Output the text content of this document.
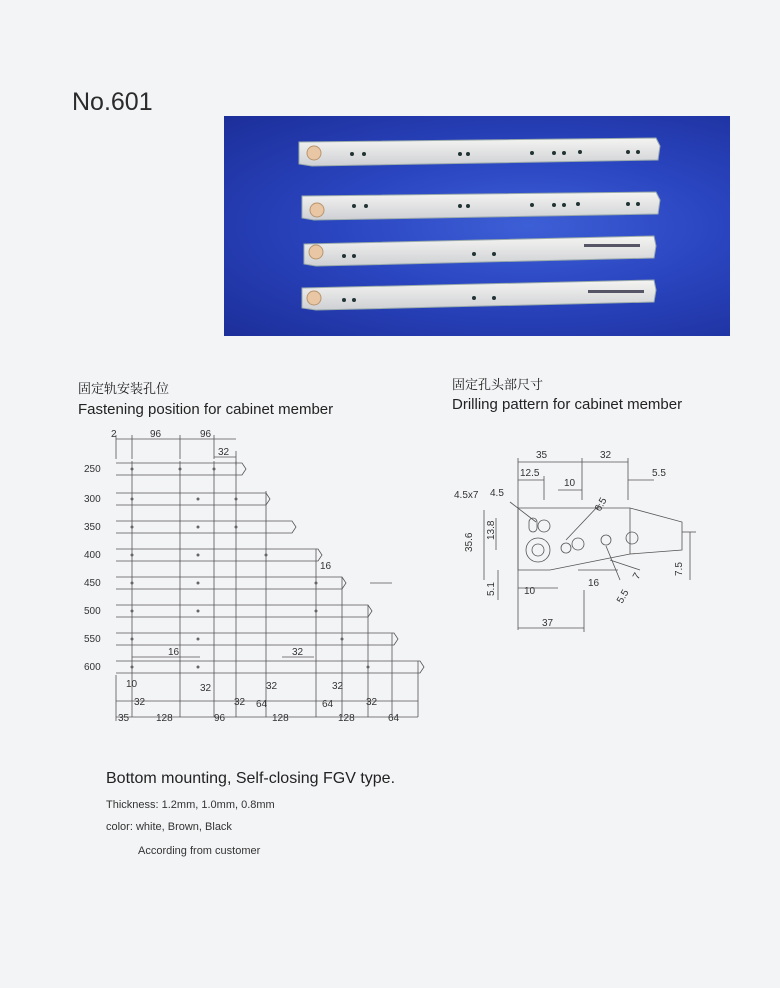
No.601
固定轨安装孔位
Fastening position for cabinet member
固定孔头部尺寸
Drilling pattern for cabinet member
2	96	96
32
250
300
350
400
450
500
550
600
16
16	32
10
32
32
32
32	32
32
35	128	96
64
128
64
128	64
35	32
12.5	5.5
10
4.5x7 4.5
6.5
13.8
35.6
7.5
7
5.5
16
5.1	10
37
Bottom mounting, Self-closing FGV type.
Thickness: 1.2mm, 1.0mm, 0.8mm
color: white, Brown, Black
According from customer
